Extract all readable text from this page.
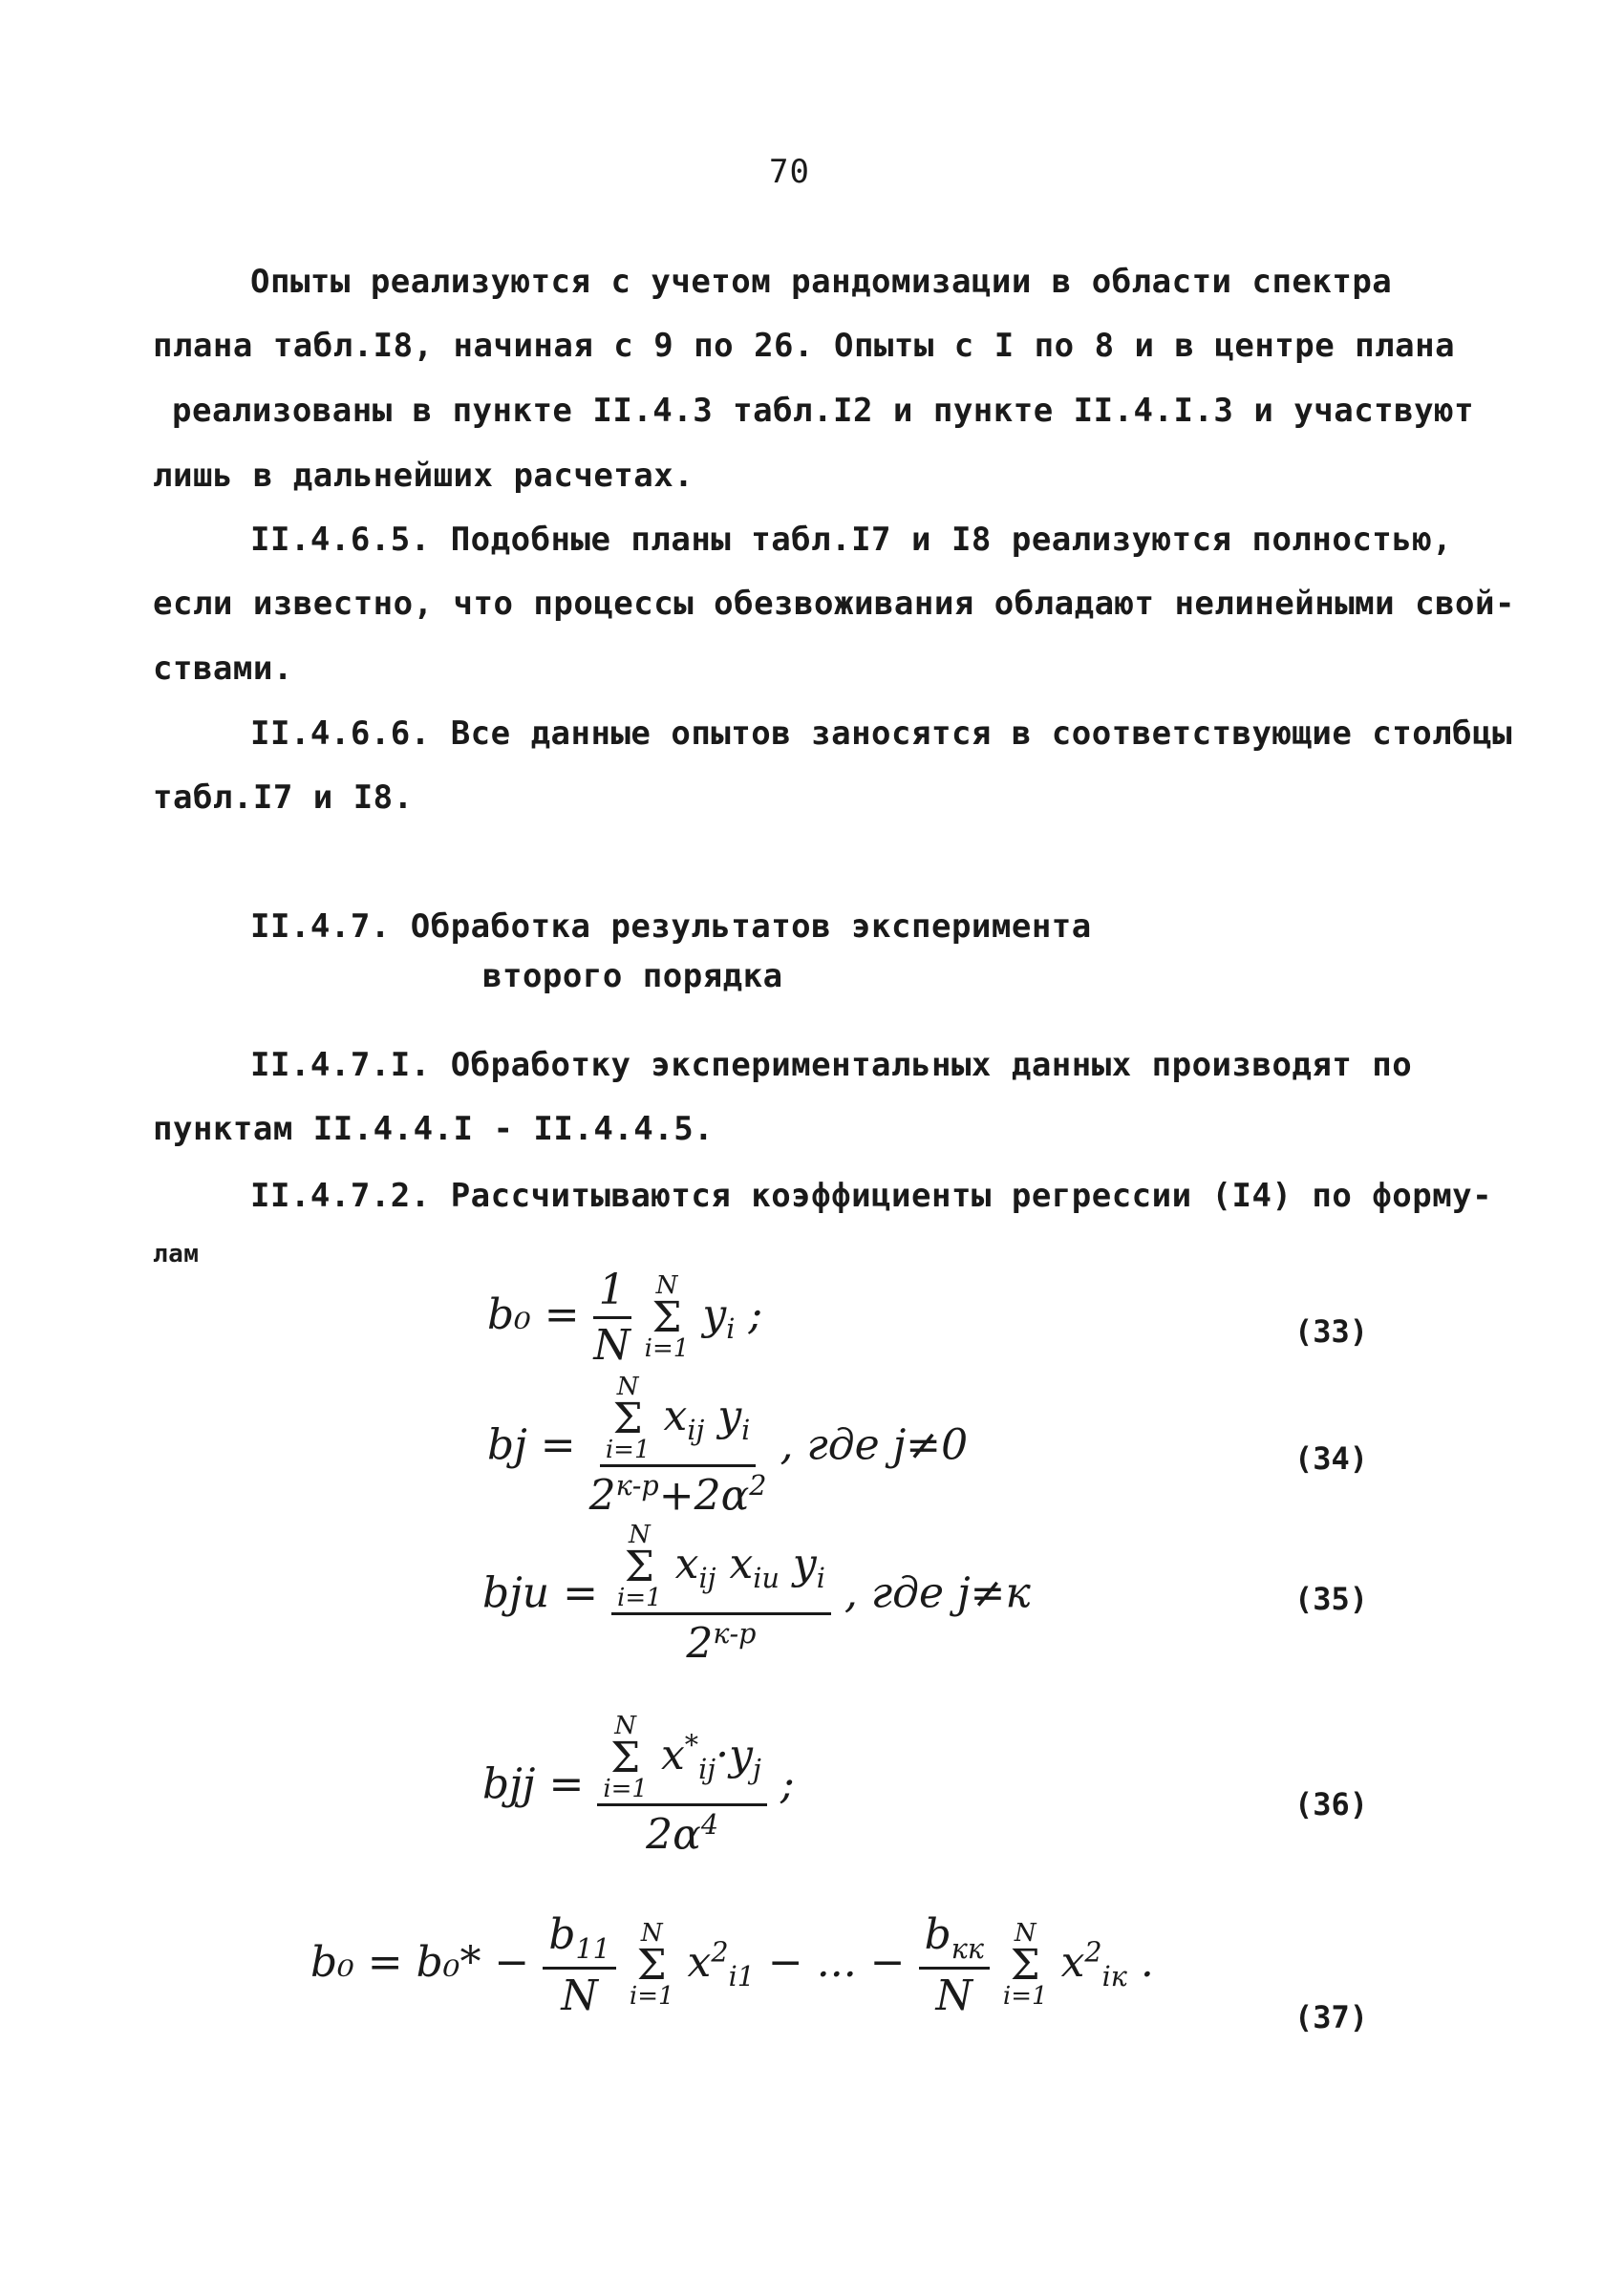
70
Опыты реализуются с учетом рандомизации в области спектра
плана табл.I8, начиная с 9 по 26. Опыты с I по 8 и в центре плана
реализованы в пункте II.4.3 табл.I2 и пункте II.4.I.3 и участвуют
лишь в дальнейших расчетах.
II.4.6.5. Подобные планы табл.I7 и I8 реализуются полностью,
если известно, что процессы обезвоживания обладают нелинейными свой-
ствами.
II.4.6.6. Все данные опытов заносятся в соответствующие столбцы
табл.I7 и I8.
II.4.7. Обработка результатов эксперимента
второго порядка
II.4.7.I. Обработку экспериментальных данных производят по
пунктам II.4.4.I - II.4.4.5.
II.4.7.2. Рассчитываются коэффициенты регрессии (I4) по форму-
лам
$b_0 = \frac{1}{N}$
N
Σ
i=1
$y_i$ ;	(33)
bj = N
Σ
i=1
$x_{ij}$ $y_i$
$2^{к-р}+2\alpha^2$ , где j≠0	(34)
bju = N
Σ
i=1
$x_{ij}$ $x_{iu}$ $y_i$
$2^{к-р}$ , где j≠к	(35)
bjj = N
Σ
i=1
$x^*_{ij}\cdot y_j$
$2\alpha^4$ ;	(36)
$b_0 = b_0* - \frac{b_{11}}{N}$
N
Σ
i=1
$x^2_{i1}$ − ... − $\frac{b_{кк}}{N}$
N
Σ
i=1
$x^2_{iк}$ .
(37)
